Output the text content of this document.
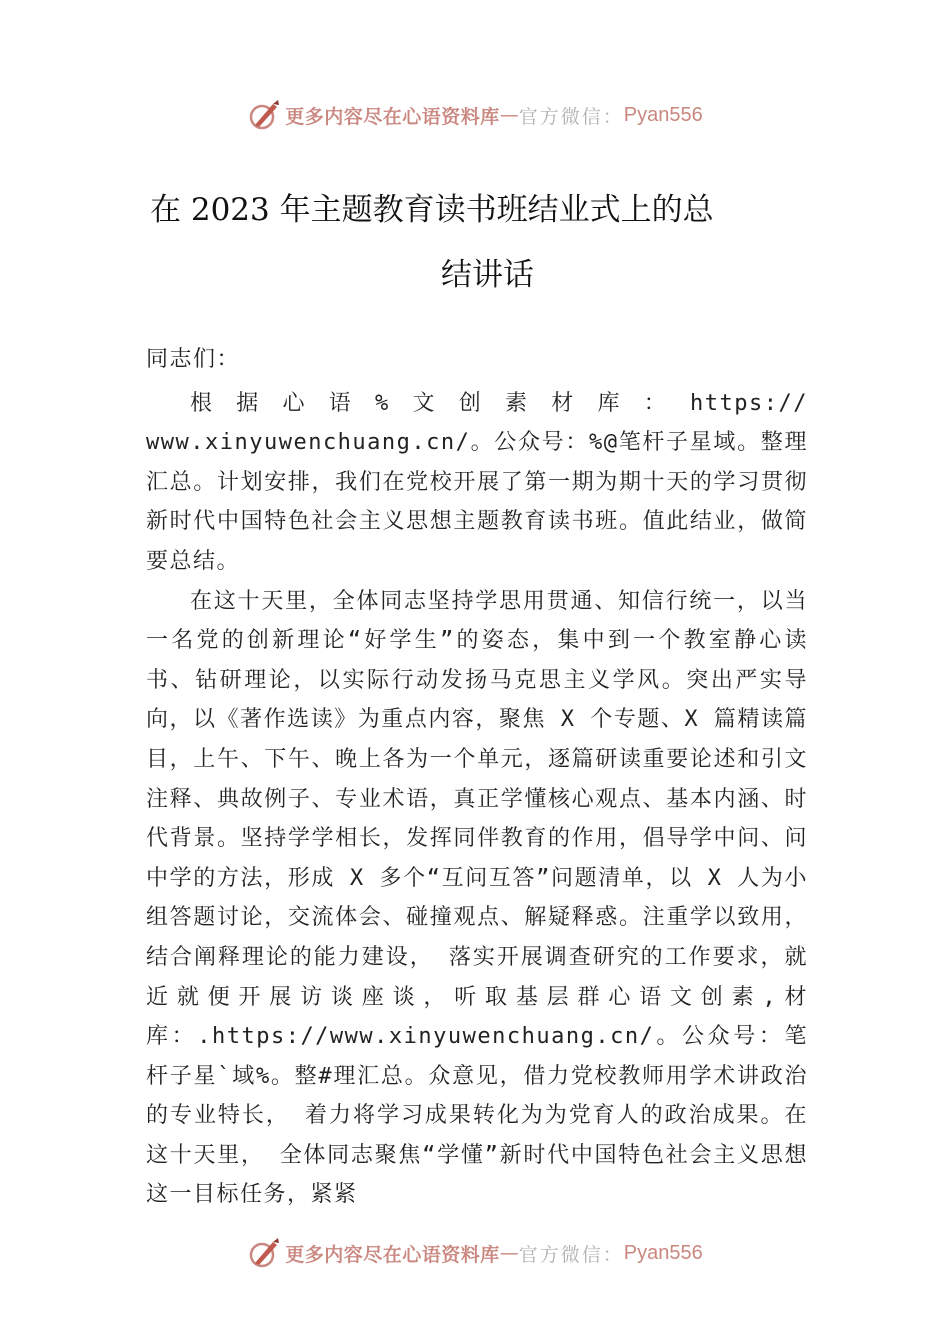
更多内容尽在心语资料库 — 官方微信： Pyan556
在 2023 年主题教育读书班结业式上的总
结讲话

同志们：

根据心语%文创素材库：https://

www.xinyuwenchuang.cn/。公众号：%@笔杆子星域。整理汇总。计划安排，我们在党校开展了第一期为期十天的学习贯彻新时代中国特色社会主义思想主题教育读书班。值此结业，做简要总结。

在这十天里，全体同志坚持学思用贯通、知信行统一，以当一名党的创新理论“好学生”的姿态，集中到一个教室静心读书、钻研理论，以实际行动发扬马克思主义学风。突出严实导向，以《著作选读》为重点内容，聚焦 X 个专题、X 篇精读篇目，上午、下午、晚上各为一个单元，逐篇研读重要论述和引文注释、典故例子、专业术语，真正学懂核心观点、基本内涵、时代背景。坚持学学相长，发挥同伴教育的作用，倡导学中问、问中学的方法，形成 X 多个“互问互答”问题清单，以 X 人为小组答题讨论，交流体会、碰撞观点、解疑释惑。注重学以致用，结合阐释理论的能力建设， 落实开展调查研究的工作要求，就近就便开展访谈座谈，听取基层群心语文创素,材库：.https://www.xinyuwenchuang.cn/。公众号：笔杆子星`域%。整#理汇总。众意见，借力党校教师用学术讲政治的专业特长， 着力将学习成果转化为为党育人的政治成果。在这十天里， 全体同志聚焦“学懂”新时代中国特色社会主义思想这一目标任务，紧紧

更多内容尽在心语资料库 — 官方微信： Pyan556
